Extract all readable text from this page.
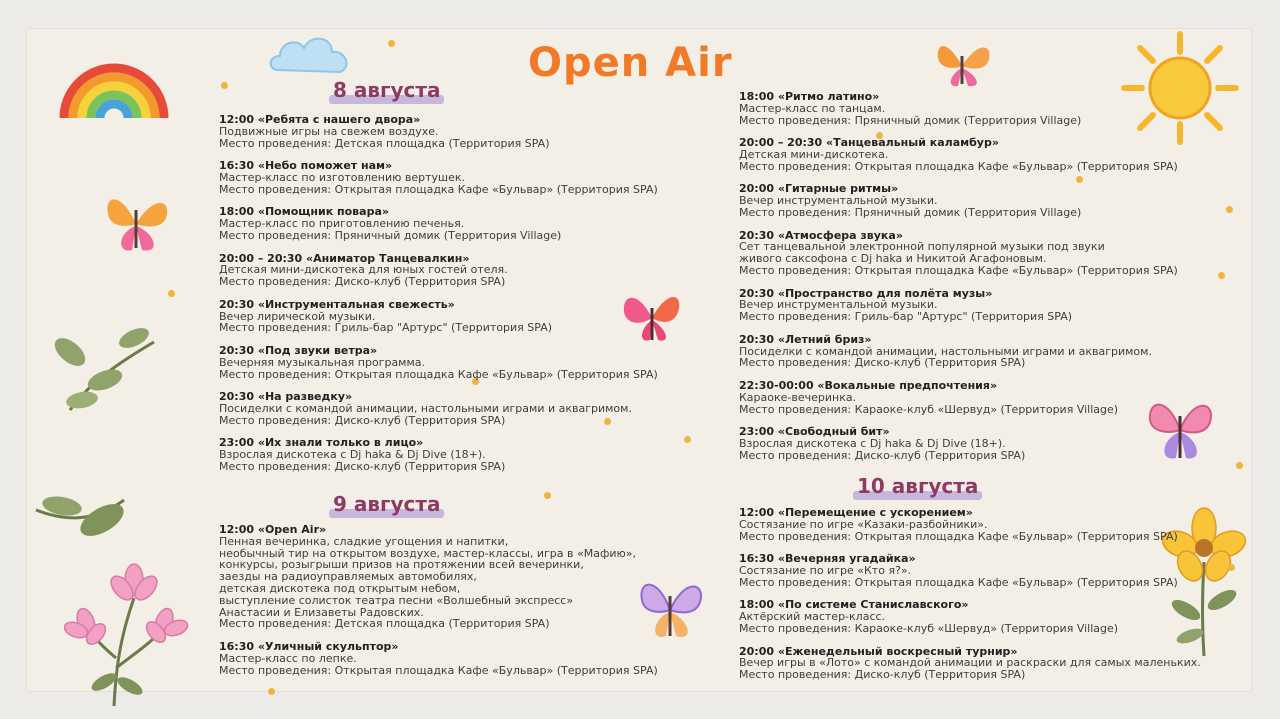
Open Air
8 августа
9 августа
10 августа
12:00 «Ребята с нашего двора»
Подвижные игры на свежем воздухе.
Место проведения: Детская площадка (Территория SPA)
16:30 «Небо поможет нам»
Мастер-класс по изготовлению вертушек.
Место проведения: Открытая площадка Кафе «Бульвар» (Территория SPA)
18:00 «Помощник повара»
Мастер-класс по приготовлению печенья.
Место проведения: Пряничный домик (Территория Village)
20:00 – 20:30 «Аниматор Танцевалкин»
Детская мини-дискотека для юных гостей отеля.
Место проведения: Диско-клуб (Территория SPA)
20:30 «Инструментальная свежесть»
Вечер лирической музыки.
Место проведения: Гриль-бар "Артурс" (Территория SPA)
20:30 «Под звуки ветра»
Вечерняя музыкальная программа.
Место проведения: Открытая площадка Кафе «Бульвар» (Территория SPA)
20:30 «На разведку»
Посиделки с командой анимации, настольными играми и аквагримом.
Место проведения: Диско-клуб (Территория SPA)
23:00 «Их знали только в лицо»
Взрослая дискотека с Dj haka & Dj Dive (18+).
Место проведения: Диско-клуб (Территория SPA)
12:00 «Open Air»
Пенная вечеринка, сладкие угощения и напитки,
необычный тир на открытом воздухе, мастер-классы, игра в «Мафию»,
конкурсы, розыгрыши призов на протяжении всей вечеринки,
заезды на радиоуправляемых автомобилях,
детская дискотека под открытым небом,
выступление солисток театра песни «Волшебный экспресс»
Анастасии и Елизаветы Радовских.
Место проведения: Детская площадка (Территория SPA)
16:30 «Уличный скульптор»
Мастер-класс по лепке.
Место проведения: Открытая площадка Кафе «Бульвар» (Территория SPA)
18:00 «Ритмо латино»
Мастер-класс по танцам.
Место проведения: Пряничный домик (Территория Village)
20:00 – 20:30 «Танцевальный каламбур»
Детская мини-дискотека.
Место проведения: Открытая площадка Кафе «Бульвар» (Территория SPA)
20:00 «Гитарные ритмы»
Вечер инструментальной музыки.
Место проведения: Пряничный домик (Территория Village)
20:30 «Атмосфера звука»
Сет танцевальной электронной популярной музыки под звуки
живого саксофона с Dj haka и Никитой Агафоновым.
Место проведения: Открытая площадка Кафе «Бульвар» (Территория SPA)
20:30 «Пространство для полёта музы»
Вечер инструментальной музыки.
Место проведения: Гриль-бар "Артурс" (Территория SPA)
20:30 «Летний бриз»
Посиделки с командой анимации, настольными играми и аквагримом.
Место проведения: Диско-клуб (Территория SPA)
22:30-00:00 «Вокальные предпочтения»
Караоке-вечеринка.
Место проведения: Караоке-клуб «Шервуд» (Территория Village)
23:00 «Свободный бит»
Взрослая дискотека с Dj haka & Dj Dive (18+).
Место проведения: Диско-клуб (Территория SPA)
12:00 «Перемещение с ускорением»
Состязание по игре «Казаки-разбойники».
Место проведения: Открытая площадка Кафе «Бульвар» (Территория SPA)
16:30 «Вечерняя угадайка»
Состязание по игре «Кто я?».
Место проведения: Открытая площадка Кафе «Бульвар» (Территория SPA)
18:00 «По системе Станиславского»
Актёрский мастер-класс.
Место проведения: Караоке-клуб «Шервуд» (Территория Village)
20:00 «Еженедельный воскресный турнир»
Вечер игры в «Лото» с командой анимации и раскраски для самых маленьких.
Место проведения: Диско-клуб (Территория SPA)
